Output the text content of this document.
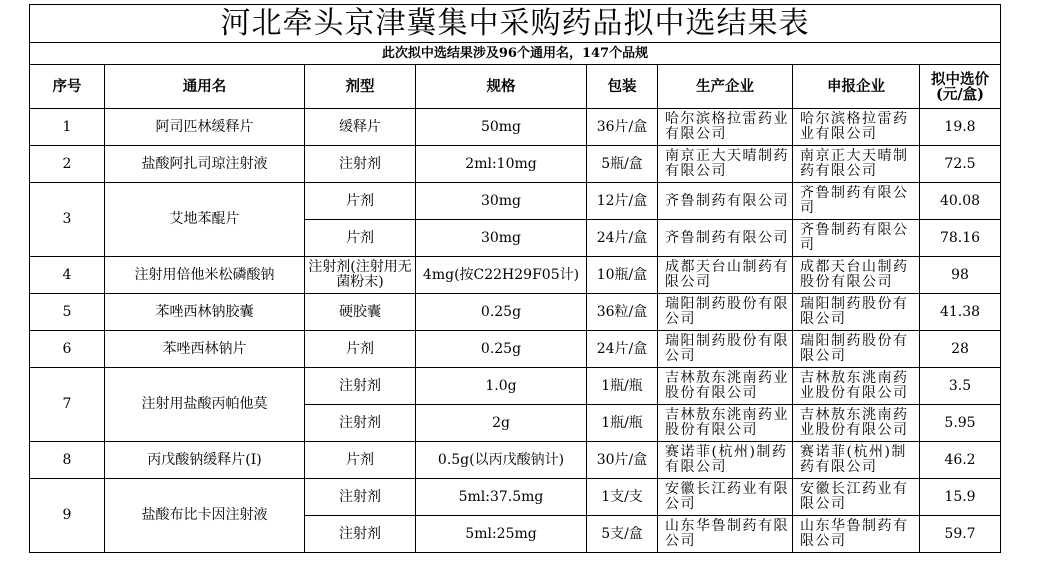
河北牵头京津冀集中采购药品拟中选结果表							
此次拟中选结果涉及96个通用名，147个品规							
序号	通用名	剂型	规格	包装	生产企业	申报企业	拟中选价(元/盒)
1	阿司匹林缓释片	缓释片	50mg	36片/盒	哈尔滨格拉雷药业有限公司	哈尔滨格拉雷药业有限公司	19.8
2	盐酸阿扎司琼注射液	注射剂	2ml:10mg	5瓶/盒	南京正大天晴制药有限公司	南京正大天晴制药有限公司	72.5
3	艾地苯醌片	片剂	30mg	12片/盒	齐鲁制药有限公司	齐鲁制药有限公司	40.08
		片剂	30mg	24片/盒	齐鲁制药有限公司	齐鲁制药有限公司	78.16
4	注射用倍他米松磷酸钠	注射剂(注射用无菌粉末)	4mg(按C22H29F05计)	10瓶/盒	成都天台山制药有限公司	成都天台山制药股份有限公司	98
5	苯唑西林钠胶囊	硬胶囊	0.25g	36粒/盒	瑞阳制药股份有限公司	瑞阳制药股份有限公司	41.38
6	苯唑西林钠片	片剂	0.25g	24片/盒	瑞阳制药股份有限公司	瑞阳制药股份有限公司	28
7	注射用盐酸丙帕他莫	注射剂	1.0g	1瓶/瓶	吉林敖东洮南药业股份有限公司	吉林敖东洮南药业股份有限公司	3.5
		注射剂	2g	1瓶/瓶	吉林敖东洮南药业股份有限公司	吉林敖东洮南药业股份有限公司	5.95
8	丙戊酸钠缓释片(Ⅰ)	片剂	0.5g(以丙戊酸钠计)	30片/盒	赛诺菲(杭州)制药有限公司	赛诺菲(杭州)制药有限公司	46.2
9	盐酸布比卡因注射液	注射剂	5ml:37.5mg	1支/支	安徽长江药业有限公司	安徽长江药业有限公司	15.9
		注射剂	5ml:25mg	5支/盒	山东华鲁制药有限公司	山东华鲁制药有限公司	59.7
